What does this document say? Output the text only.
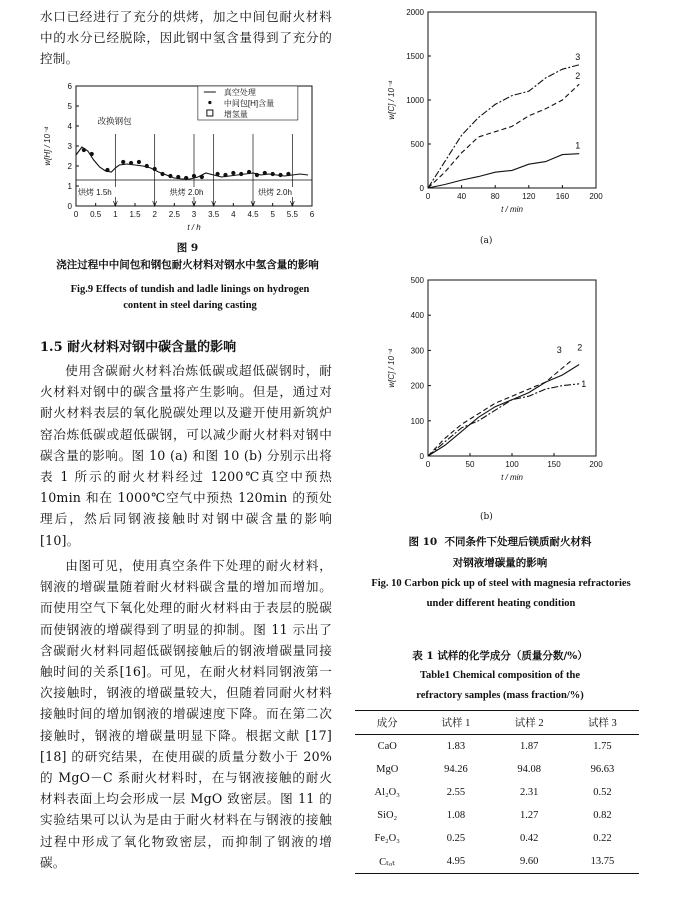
水口已经进行了充分的烘烤，加之中间包耐火材料中的水分已经脱除，因此钢中氢含量得到了充分的控制。

0 0.5 1 1.5 2 2.5 3 3.5 4 4.5 5 5.5 6
0
1
2
3
4
5
6
t / h
w[H] / 10⁻⁴
改换钢包
烘烤 1.5h	烘烤 2.0h	烘烤 2.0h
真空处理
中间包[H]含量
增氢量
图 9 浇注过程中中间包和钢包耐火材料对钢水中氢含量的影响
Fig.9 Effects of tundish and ladle linings on hydrogen content in steel daring casting
1.5 耐火材料对钢中碳含量的影响

使用含碳耐火材料冶炼低碳或超低碳钢时，耐火材料对钢中的碳含量将产生影响。但是，通过对耐火材料表层的氧化脱碳处理以及避开使用新筑炉窑冶炼低碳或超低碳钢，可以减少耐火材料对钢中碳含量的影响。图 10 (a) 和图 10 (b) 分别示出将表 1 所示的耐火材料经过 1200℃真空中预热 10min 和在 1000℃空气中预热 120min 的预处理后，然后同钢液接触时对钢中碳含量的影响[10]。

由图可见，使用真空条件下处理的耐火材料，钢液的增碳量随着耐火材料碳含量的增加而增加。而使用空气下氧化处理的耐火材料由于表层的脱碳而使钢液的增碳得到了明显的抑制。图 11 示出了含碳耐火材料同超低碳钢接触后的钢液增碳量同接触时间的关系[16]。可见，在耐火材料同钢液第一次接触时，钢液的增碳量较大，但随着同耐火材料接触时间的增加钢液的增碳速度下降。而在第二次接触时，钢液的增碳量明显下降。根据文献 [17] [18] 的研究结果，在使用碳的质量分数小于 20%的 MgO－C 系耐火材料时，在与钢液接触的耐火材料表面上均会形成一层 MgO 致密层。图 11 的实验结果可以认为是由于耐火材料在与钢液的接触过程中形成了氧化物致密层，而抑制了钢液的增碳。

0	40	80	120	160	200
0
500
1000
1500
2000
t / min
w[C] / 10⁻⁴
1
2
3
(a)
0	50	100	150	200
0
100
200
300
400
500
t / min
w[C] / 10⁻⁴	3 2
1
(b)
图 10 不同条件下处理后镁质耐火材料
对钢液增碳量的影响
Fig. 10 Carbon pick up of steel with magnesia refractories
under different heating condition
表 1 试样的化学成分（质量分数/%）
Table1 Chemical composition of the
refractory samples (mass fraction/%)
成分	试样 1	试样 2	试样 3
CaO	1.83	1.87	1.75
MgO	94.26	94.08	96.63
Al₂O₃	2.55	2.31	0.52
SiO₂	1.08	1.27	0.82
Fe₂O₃	0.25	0.42	0.22
Cₜₒₜ	4.95	9.60	13.75
